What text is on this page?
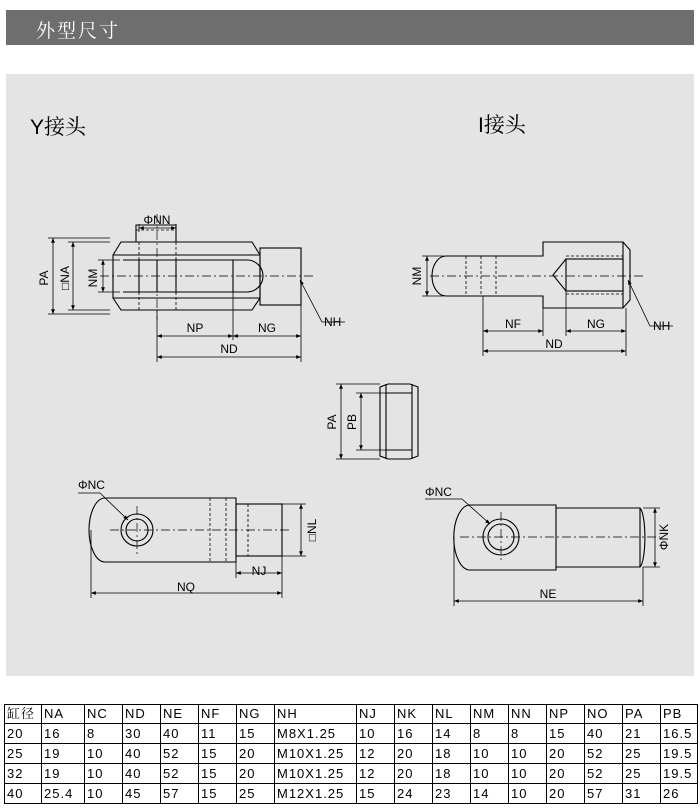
外型尺寸
Y接头	I接头
PA □NA NM
ΦNN
NH
NP	NG
ND
NM
NH
NF	NG
ND
PA PB
ΦNC
□NL
NJ
NQ
ΦNC
ΦNK
NE
缸径	NA	NC	ND	NE	NF	NG	NH	NJ	NK	NL	NM	NN	NP	NO	PA	PB
20	16	8	30	40	11	15	M8X1.25	10	16	14	8	8	15	40	21	16.5
25	19	10	40	52	15	20	M10X1.25	12	20	18	10	10	20	52	25	19.5
32	19	10	40	52	15	20	M10X1.25	12	20	18	10	10	20	52	25	19.5
40	25.4	10	45	57	15	25	M12X1.25	15	24	23	14	10	20	57	31	26
